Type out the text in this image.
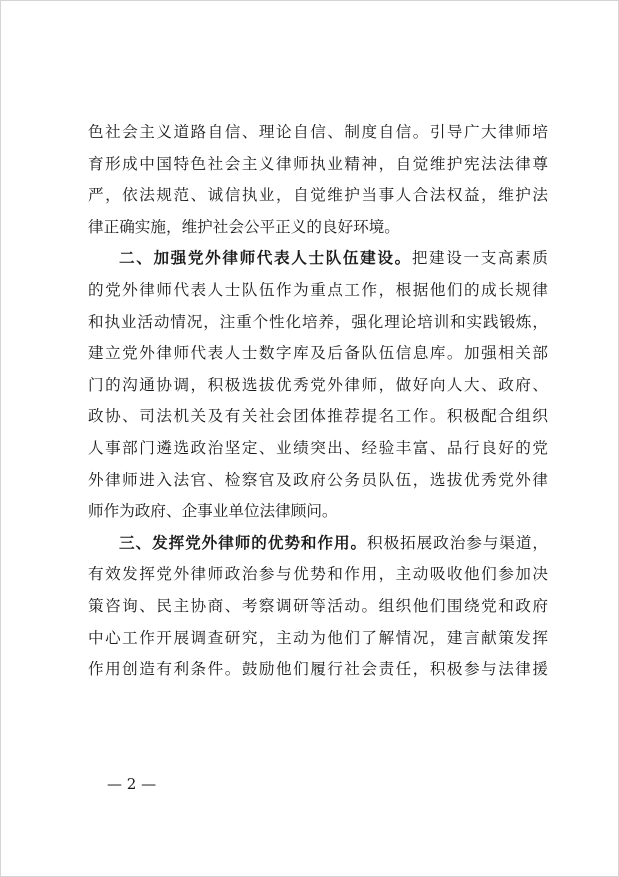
色社会主义道路自信、理论自信、制度自信。引导广大律师培
育形成中国特色社会主义律师执业精神，自觉维护宪法法律尊
严，依法规范、诚信执业，自觉维护当事人合法权益，维护法
律正确实施，维护社会公平正义的良好环境。
二、加强党外律师代表人士队伍建设。把建设一支高素质
的党外律师代表人士队伍作为重点工作，根据他们的成长规律
和执业活动情况，注重个性化培养，强化理论培训和实践锻炼，
建立党外律师代表人士数字库及后备队伍信息库。加强相关部
门的沟通协调，积极选拔优秀党外律师，做好向人大、政府、
政协、司法机关及有关社会团体推荐提名工作。积极配合组织
人事部门遴选政治坚定、业绩突出、经验丰富、品行良好的党
外律师进入法官、检察官及政府公务员队伍，选拔优秀党外律
师作为政府、企事业单位法律顾问。
三、发挥党外律师的优势和作用。积极拓展政治参与渠道，
有效发挥党外律师政治参与优势和作用，主动吸收他们参加决
策咨询、民主协商、考察调研等活动。组织他们围绕党和政府
中心工作开展调查研究，主动为他们了解情况，建言献策发挥
作用创造有利条件。鼓励他们履行社会责任，积极参与法律援
— 2 —
